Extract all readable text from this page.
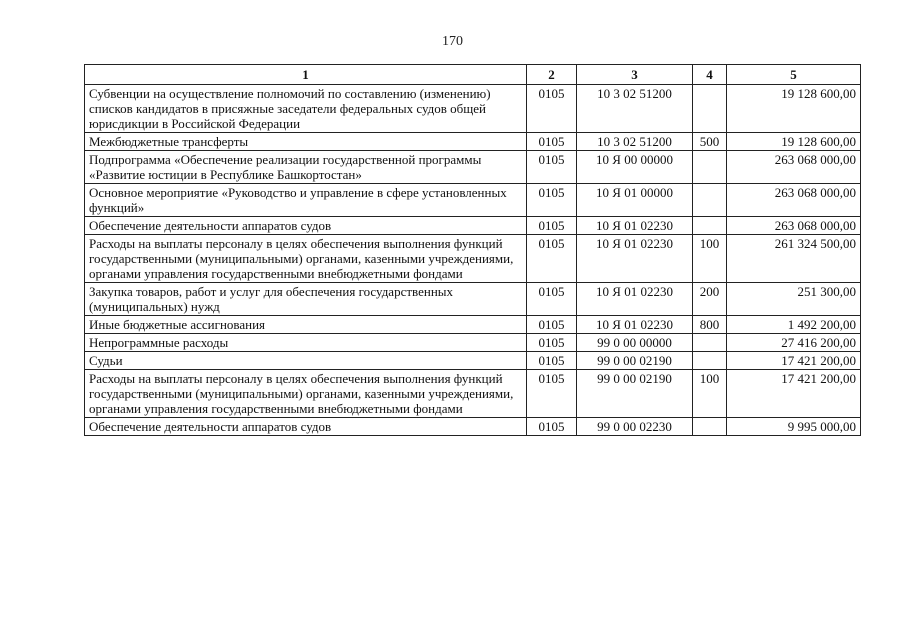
170
1	2	3	4	5
Субвенции на осуществление полномочий по составлению (изменению) списков кандидатов в присяжные заседатели федеральных судов общей юрисдикции в Российской Федерации	0105	10 3 02 51200		19 128 600,00
Межбюджетные трансферты	0105	10 3 02 51200	500	19 128 600,00
Подпрограмма «Обеспечение реализации государственной программы «Развитие юстиции в Республике Башкортостан»	0105	10 Я 00 00000		263 068 000,00
Основное мероприятие «Руководство и управление в сфере установленных функций»	0105	10 Я 01 00000		263 068 000,00
Обеспечение деятельности аппаратов судов	0105	10 Я 01 02230		263 068 000,00
Расходы на выплаты персоналу в целях обеспечения выполнения функций государственными (муниципальными) органами, казенными учреждениями, органами управления государственными внебюджетными фондами	0105	10 Я 01 02230	100	261 324 500,00
Закупка товаров, работ и услуг для обеспечения государственных (муниципальных) нужд	0105	10 Я 01 02230	200	251 300,00
Иные бюджетные ассигнования	0105	10 Я 01 02230	800	1 492 200,00
Непрограммные расходы	0105	99 0 00 00000		27 416 200,00
Судьи	0105	99 0 00 02190		17 421 200,00
Расходы на выплаты персоналу в целях обеспечения выполнения функций государственными (муниципальными) органами, казенными учреждениями, органами управления государственными внебюджетными фондами	0105	99 0 00 02190	100	17 421 200,00
Обеспечение деятельности аппаратов судов	0105	99 0 00 02230		9 995 000,00
